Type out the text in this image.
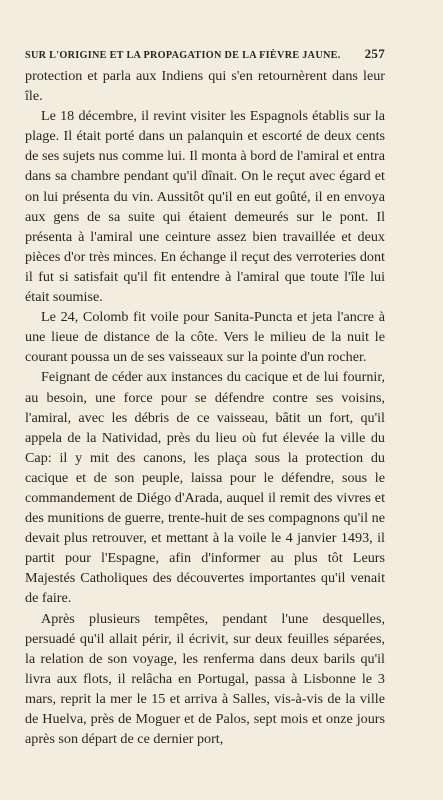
SUR L'ORIGINE ET LA PROPAGATION DE LA FIÈVRE JAUNE. 257

protection et parla aux Indiens qui s'en retournèrent dans leur île.

Le 18 décembre, il revint visiter les Espagnols établis sur la plage. Il était porté dans un palanquin et escorté de deux cents de ses sujets nus comme lui. Il monta à bord de l'amiral et entra dans sa chambre pendant qu'il dînait. On le reçut avec égard et on lui présenta du vin. Aussitôt qu'il en eut goûté, il en envoya aux gens de sa suite qui étaient demeurés sur le pont. Il présenta à l'amiral une ceinture assez bien travaillée et deux pièces d'or très minces. En échange il reçut des verroteries dont il fut si satisfait qu'il fit entendre à l'amiral que toute l'île lui était soumise.

Le 24, Colomb fit voile pour Sanita-Puncta et jeta l'ancre à une lieue de distance de la côte. Vers le milieu de la nuit le courant poussa un de ses vaisseaux sur la pointe d'un rocher.

Feignant de céder aux instances du cacique et de lui fournir, au besoin, une force pour se défendre contre ses voisins, l'amiral, avec les débris de ce vaisseau, bâtit un fort, qu'il appela de la Natividad, près du lieu où fut élevée la ville du Cap: il y mit des canons, les plaça sous la protection du cacique et de son peuple, laissa pour le défendre, sous le commandement de Diégo d'Arada, auquel il remit des vivres et des munitions de guerre, trente-huit de ses compagnons qu'il ne devait plus retrouver, et mettant à la voile le 4 janvier 1493, il partit pour l'Espagne, afin d'informer au plus tôt Leurs Majestés Catholiques des découvertes importantes qu'il venait de faire.

Après plusieurs tempêtes, pendant l'une desquelles, persuadé qu'il allait périr, il écrivit, sur deux feuilles séparées, la relation de son voyage, les renferma dans deux barils qu'il livra aux flots, il relâcha en Portugal, passa à Lisbonne le 3 mars, reprit la mer le 15 et arriva à Salles, vis-à-vis de la ville de Huelva, près de Moguer et de Palos, sept mois et onze jours après son départ de ce dernier port,
